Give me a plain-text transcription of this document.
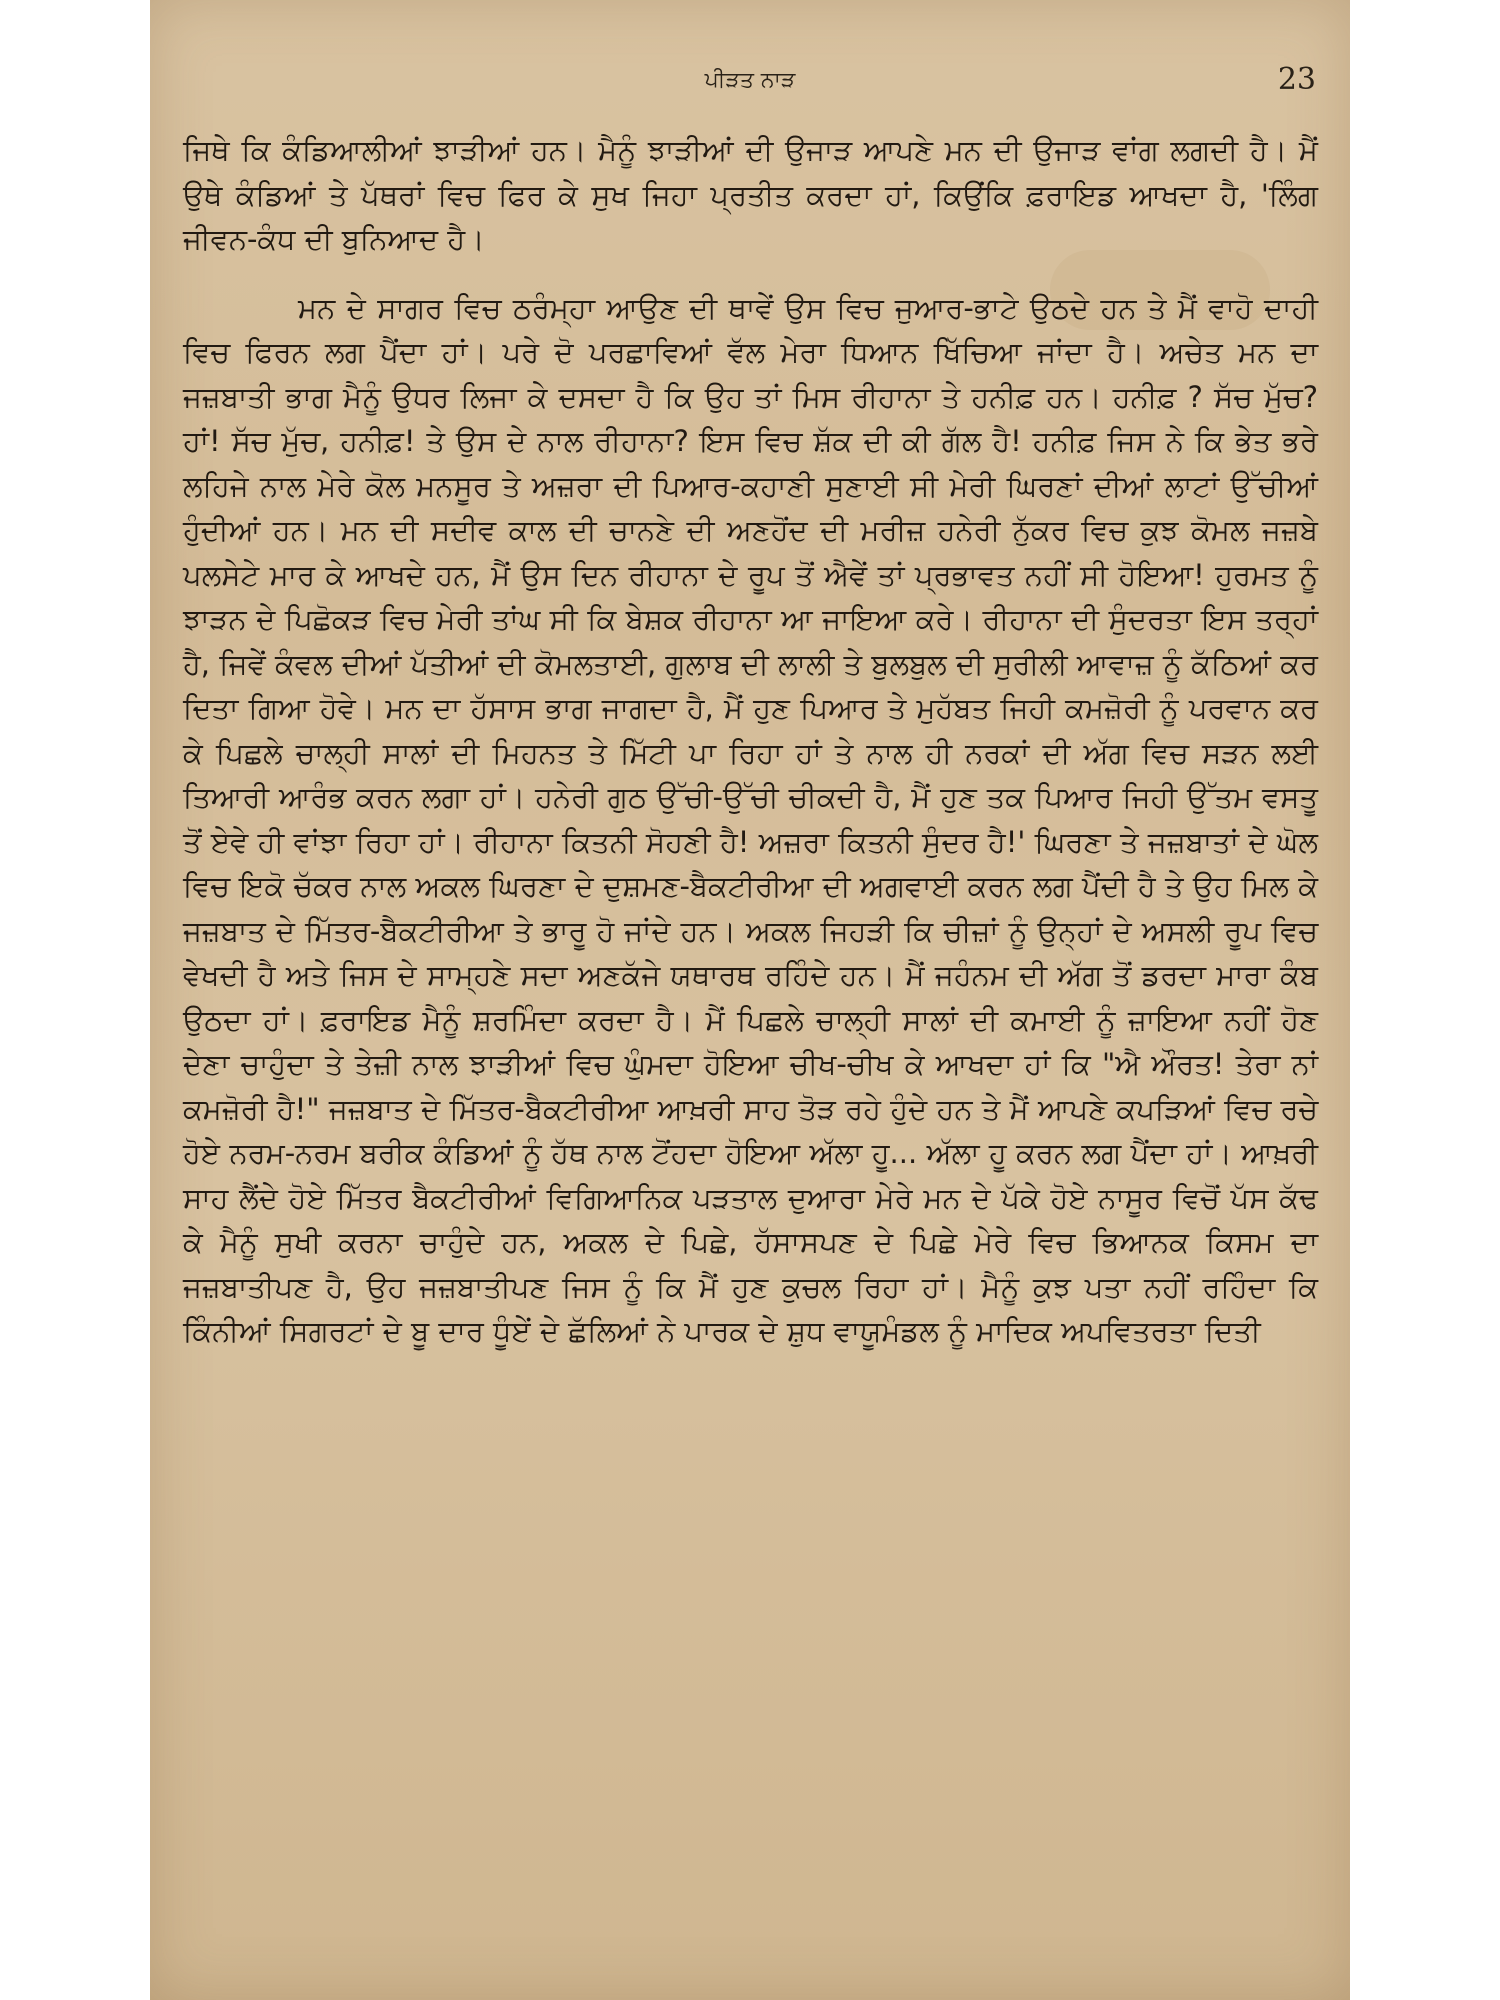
ਪੀੜਤ ਨਾੜ	23

ਜਿਥੇ ਕਿ ਕੰਡਿਆਲੀਆਂ ਝਾੜੀਆਂ ਹਨ। ਮੈਨੂੰ ਝਾੜੀਆਂ ਦੀ ਉਜਾੜ ਆਪਣੇ ਮਨ ਦੀ ਉਜਾੜ ਵਾਂਗ ਲਗਦੀ ਹੈ। ਮੈਂ ਉਥੇ ਕੰਡਿਆਂ ਤੇ ਪੱਥਰਾਂ ਵਿਚ ਫਿਰ ਕੇ ਸੁਖ ਜਿਹਾ ਪ੍ਰਤੀਤ ਕਰਦਾ ਹਾਂ, ਕਿਉਂਕਿ ਫ਼ਰਾਇਡ ਆਖਦਾ ਹੈ, 'ਲਿੰਗ ਜੀਵਨ-ਕੰਧ ਦੀ ਬੁਨਿਆਦ ਹੈ।

ਮਨ ਦੇ ਸਾਗਰ ਵਿਚ ਠਰੰਮ੍ਹਾ ਆਉਣ ਦੀ ਥਾਵੇਂ ਉਸ ਵਿਚ ਜੁਆਰ-ਭਾਟੇ ਉਠਦੇ ਹਨ ਤੇ ਮੈਂ ਵਾਹੋ ਦਾਹੀ ਵਿਚ ਫਿਰਨ ਲਗ ਪੈਂਦਾ ਹਾਂ। ਪਰੇ ਦੋ ਪਰਛਾਵਿਆਂ ਵੱਲ ਮੇਰਾ ਧਿਆਨ ਖਿੱਚਿਆ ਜਾਂਦਾ ਹੈ। ਅਚੇਤ ਮਨ ਦਾ ਜਜ਼ਬਾਤੀ ਭਾਗ ਮੈਨੂੰ ਉਧਰ ਲਿਜਾ ਕੇ ਦਸਦਾ ਹੈ ਕਿ ਉਹ ਤਾਂ ਮਿਸ ਰੀਹਾਨਾ ਤੇ ਹਨੀਫ਼ ਹਨ। ਹਨੀਫ਼ ? ਸੱਚ ਮੁੱਚ? ਹਾਂ! ਸੱਚ ਮੁੱਚ, ਹਨੀਫ਼! ਤੇ ਉਸ ਦੇ ਨਾਲ ਰੀਹਾਨਾ? ਇਸ ਵਿਚ ਸ਼ੱਕ ਦੀ ਕੀ ਗੱਲ ਹੈ! ਹਨੀਫ਼ ਜਿਸ ਨੇ ਕਿ ਭੇਤ ਭਰੇ ਲਹਿਜੇ ਨਾਲ ਮੇਰੇ ਕੋਲ ਮਨਸੂਰ ਤੇ ਅਜ਼ਰਾ ਦੀ ਪਿਆਰ-ਕਹਾਣੀ ਸੁਣਾਈ ਸੀ ਮੇਰੀ ਘਿਰਣਾਂ ਦੀਆਂ ਲਾਟਾਂ ਉੱਚੀਆਂ ਹੁੰਦੀਆਂ ਹਨ। ਮਨ ਦੀ ਸਦੀਵ ਕਾਲ ਦੀ ਚਾਨਣੇ ਦੀ ਅਣਹੋਂਦ ਦੀ ਮਰੀਜ਼ ਹਨੇਰੀ ਨੁੱਕਰ ਵਿਚ ਕੁਝ ਕੋਮਲ ਜਜ਼ਬੇ ਪਲਸੇਟੇ ਮਾਰ ਕੇ ਆਖਦੇ ਹਨ, ਮੈਂ ਉਸ ਦਿਨ ਰੀਹਾਨਾ ਦੇ ਰੂਪ ਤੋਂ ਐਵੇਂ ਤਾਂ ਪ੍ਰਭਾਵਤ ਨਹੀਂ ਸੀ ਹੋਇਆ! ਹੁਰਮਤ ਨੂੰ ਝਾੜਨ ਦੇ ਪਿਛੋਕੜ ਵਿਚ ਮੇਰੀ ਤਾਂਘ ਸੀ ਕਿ ਬੇਸ਼ਕ ਰੀਹਾਨਾ ਆ ਜਾਇਆ ਕਰੇ। ਰੀਹਾਨਾ ਦੀ ਸੁੰਦਰਤਾ ਇਸ ਤਰ੍ਹਾਂ ਹੈ, ਜਿਵੇਂ ਕੰਵਲ ਦੀਆਂ ਪੱਤੀਆਂ ਦੀ ਕੋਮਲਤਾਈ, ਗੁਲਾਬ ਦੀ ਲਾਲੀ ਤੇ ਬੁਲਬੁਲ ਦੀ ਸੁਰੀਲੀ ਆਵਾਜ਼ ਨੂੰ ਕੱਠਿਆਂ ਕਰ ਦਿਤਾ ਗਿਆ ਹੋਵੇ। ਮਨ ਦਾ ਹੱਸਾਸ ਭਾਗ ਜਾਗਦਾ ਹੈ, ਮੈਂ ਹੁਣ ਪਿਆਰ ਤੇ ਮੁਹੱਬਤ ਜਿਹੀ ਕਮਜ਼ੋਰੀ ਨੂੰ ਪਰਵਾਨ ਕਰ ਕੇ ਪਿਛਲੇ ਚਾਲ੍ਹੀ ਸਾਲਾਂ ਦੀ ਮਿਹਨਤ ਤੇ ਮਿੱਟੀ ਪਾ ਰਿਹਾ ਹਾਂ ਤੇ ਨਾਲ ਹੀ ਨਰਕਾਂ ਦੀ ਅੱਗ ਵਿਚ ਸੜਨ ਲਈ ਤਿਆਰੀ ਆਰੰਭ ਕਰਨ ਲਗਾ ਹਾਂ। ਹਨੇਰੀ ਗੁਠ ਉੱਚੀ-ਉੱਚੀ ਚੀਕਦੀ ਹੈ, ਮੈਂ ਹੁਣ ਤਕ ਪਿਆਰ ਜਿਹੀ ਉੱਤਮ ਵਸਤੂ ਤੋਂ ਏਵੇ ਹੀ ਵਾਂਝਾ ਰਿਹਾ ਹਾਂ। ਰੀਹਾਨਾ ਕਿਤਨੀ ਸੋਹਣੀ ਹੈ! ਅਜ਼ਰਾ ਕਿਤਨੀ ਸੁੰਦਰ ਹੈ!' ਘਿਰਣਾ ਤੇ ਜਜ਼ਬਾਤਾਂ ਦੇ ਘੋਲ ਵਿਚ ਇਕੋ ਚੱਕਰ ਨਾਲ ਅਕਲ ਘਿਰਣਾ ਦੇ ਦੁਸ਼ਮਣ-ਬੈਕਟੀਰੀਆ ਦੀ ਅਗਵਾਈ ਕਰਨ ਲਗ ਪੈਂਦੀ ਹੈ ਤੇ ਉਹ ਮਿਲ ਕੇ ਜਜ਼ਬਾਤ ਦੇ ਮਿੱਤਰ-ਬੈਕਟੀਰੀਆ ਤੇ ਭਾਰੂ ਹੋ ਜਾਂਦੇ ਹਨ। ਅਕਲ ਜਿਹੜੀ ਕਿ ਚੀਜ਼ਾਂ ਨੂੰ ਉਨ੍ਹਾਂ ਦੇ ਅਸਲੀ ਰੂਪ ਵਿਚ ਵੇਖਦੀ ਹੈ ਅਤੇ ਜਿਸ ਦੇ ਸਾਮ੍ਹਣੇ ਸਦਾ ਅਣਕੱਜੇ ਯਥਾਰਥ ਰਹਿੰਦੇ ਹਨ। ਮੈਂ ਜਹੰਨਮ ਦੀ ਅੱਗ ਤੋਂ ਡਰਦਾ ਮਾਰਾ ਕੰਬ ਉਠਦਾ ਹਾਂ। ਫ਼ਰਾਇਡ ਮੈਨੂੰ ਸ਼ਰਮਿੰਦਾ ਕਰਦਾ ਹੈ। ਮੈਂ ਪਿਛਲੇ ਚਾਲ੍ਹੀ ਸਾਲਾਂ ਦੀ ਕਮਾਈ ਨੂੰ ਜ਼ਾਇਆ ਨਹੀਂ ਹੋਣ ਦੇਣਾ ਚਾਹੁੰਦਾ ਤੇ ਤੇਜ਼ੀ ਨਾਲ ਝਾੜੀਆਂ ਵਿਚ ਘੁੰਮਦਾ ਹੋਇਆ ਚੀਖ-ਚੀਖ ਕੇ ਆਖਦਾ ਹਾਂ ਕਿ "ਐ ਔਰਤ! ਤੇਰਾ ਨਾਂ ਕਮਜ਼ੋਰੀ ਹੈ!" ਜਜ਼ਬਾਤ ਦੇ ਮਿੱਤਰ-ਬੈਕਟੀਰੀਆ ਆਖ਼ਰੀ ਸਾਹ ਤੋੜ ਰਹੇ ਹੁੰਦੇ ਹਨ ਤੇ ਮੈਂ ਆਪਣੇ ਕਪੜਿਆਂ ਵਿਚ ਰਚੇ ਹੋਏ ਨਰਮ-ਨਰਮ ਬਰੀਕ ਕੰਡਿਆਂ ਨੂੰ ਹੱਥ ਨਾਲ ਟੋਂਹਦਾ ਹੋਇਆ ਅੱਲਾ ਹੂ... ਅੱਲਾ ਹੂ ਕਰਨ ਲਗ ਪੈਂਦਾ ਹਾਂ। ਆਖ਼ਰੀ ਸਾਹ ਲੈਂਦੇ ਹੋਏ ਮਿੱਤਰ ਬੈਕਟੀਰੀਆਂ ਵਿਗਿਆਨਿਕ ਪੜਤਾਲ ਦੁਆਰਾ ਮੇਰੇ ਮਨ ਦੇ ਪੱਕੇ ਹੋਏ ਨਾਸੂਰ ਵਿਚੋਂ ਪੱਸ ਕੱਢ ਕੇ ਮੈਨੂੰ ਸੁਖੀ ਕਰਨਾ ਚਾਹੁੰਦੇ ਹਨ, ਅਕਲ ਦੇ ਪਿਛੇ, ਹੱਸਾਸਪਣ ਦੇ ਪਿਛੇ ਮੇਰੇ ਵਿਚ ਭਿਆਨਕ ਕਿਸਮ ਦਾ ਜਜ਼ਬਾਤੀਪਣ ਹੈ, ਉਹ ਜਜ਼ਬਾਤੀਪਣ ਜਿਸ ਨੂੰ ਕਿ ਮੈਂ ਹੁਣ ਕੁਚਲ ਰਿਹਾ ਹਾਂ। ਮੈਨੂੰ ਕੁਝ ਪਤਾ ਨਹੀਂ ਰਹਿੰਦਾ ਕਿ ਕਿੰਨੀਆਂ ਸਿਗਰਟਾਂ ਦੇ ਬੂ ਦਾਰ ਧੂੰਏਂ ਦੇ ਛੱਲਿਆਂ ਨੇ ਪਾਰਕ ਦੇ ਸ਼ੁਧ ਵਾਯੂਮੰਡਲ ਨੂੰ ਮਾਦਿਕ ਅਪਵਿਤਰਤਾ ਦਿਤੀ
